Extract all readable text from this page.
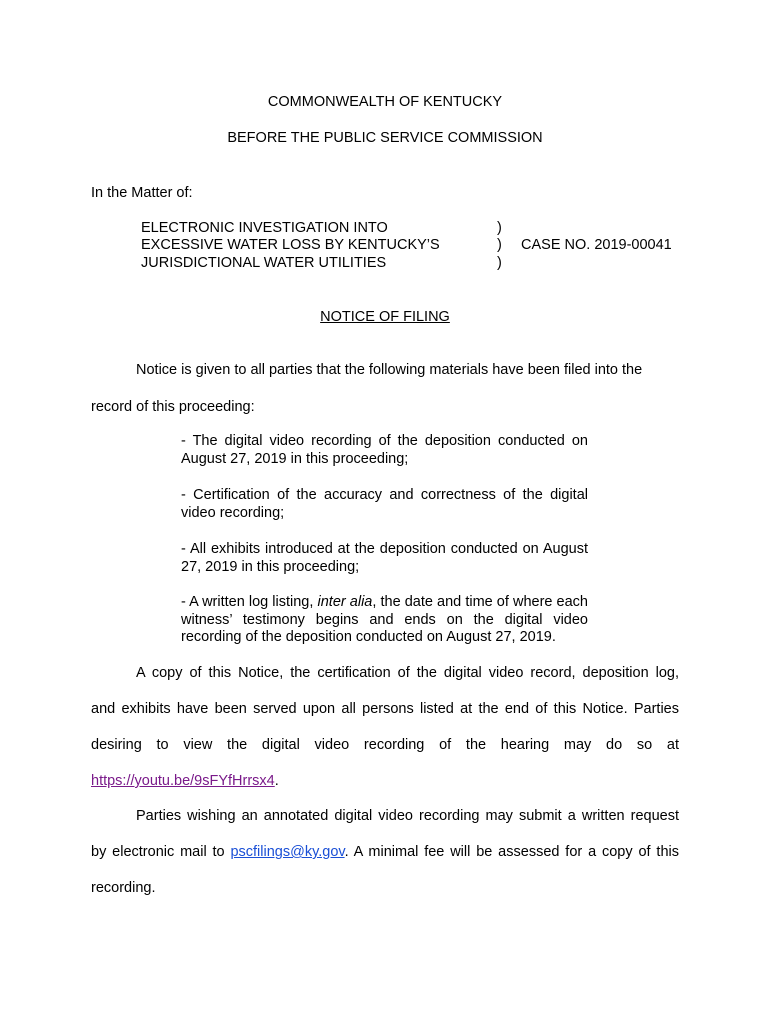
COMMONWEALTH OF KENTUCKY
BEFORE THE PUBLIC SERVICE COMMISSION
In the Matter of:
ELECTRONIC INVESTIGATION INTO
EXCESSIVE WATER LOSS BY KENTUCKY’S
JURISDICTIONAL WATER UTILITIES
)
)
)
CASE NO. 2019-00041
NOTICE OF FILING
Notice is given to all parties that the following materials have been filed into the
record of this proceeding:
- The digital video recording of the deposition conducted on August 27, 2019 in this proceeding;
- Certification of the accuracy and correctness of the digital video recording;
- All exhibits introduced at the deposition conducted on August 27, 2019 in this proceeding;
- A written log listing, inter alia, the date and time of where each witness’ testimony begins and ends on the digital video recording of the deposition conducted on August 27, 2019.
A copy of this Notice, the certification of the digital video record, deposition log,
and exhibits have been served upon all persons listed at the end of this Notice. Parties
desiring to view the digital video recording of the hearing may do so at
https://youtu.be/9sFYfHrrsx4.
Parties wishing an annotated digital video recording may submit a written request
by electronic mail to pscfilings@ky.gov. A minimal fee will be assessed for a copy of this
recording.
